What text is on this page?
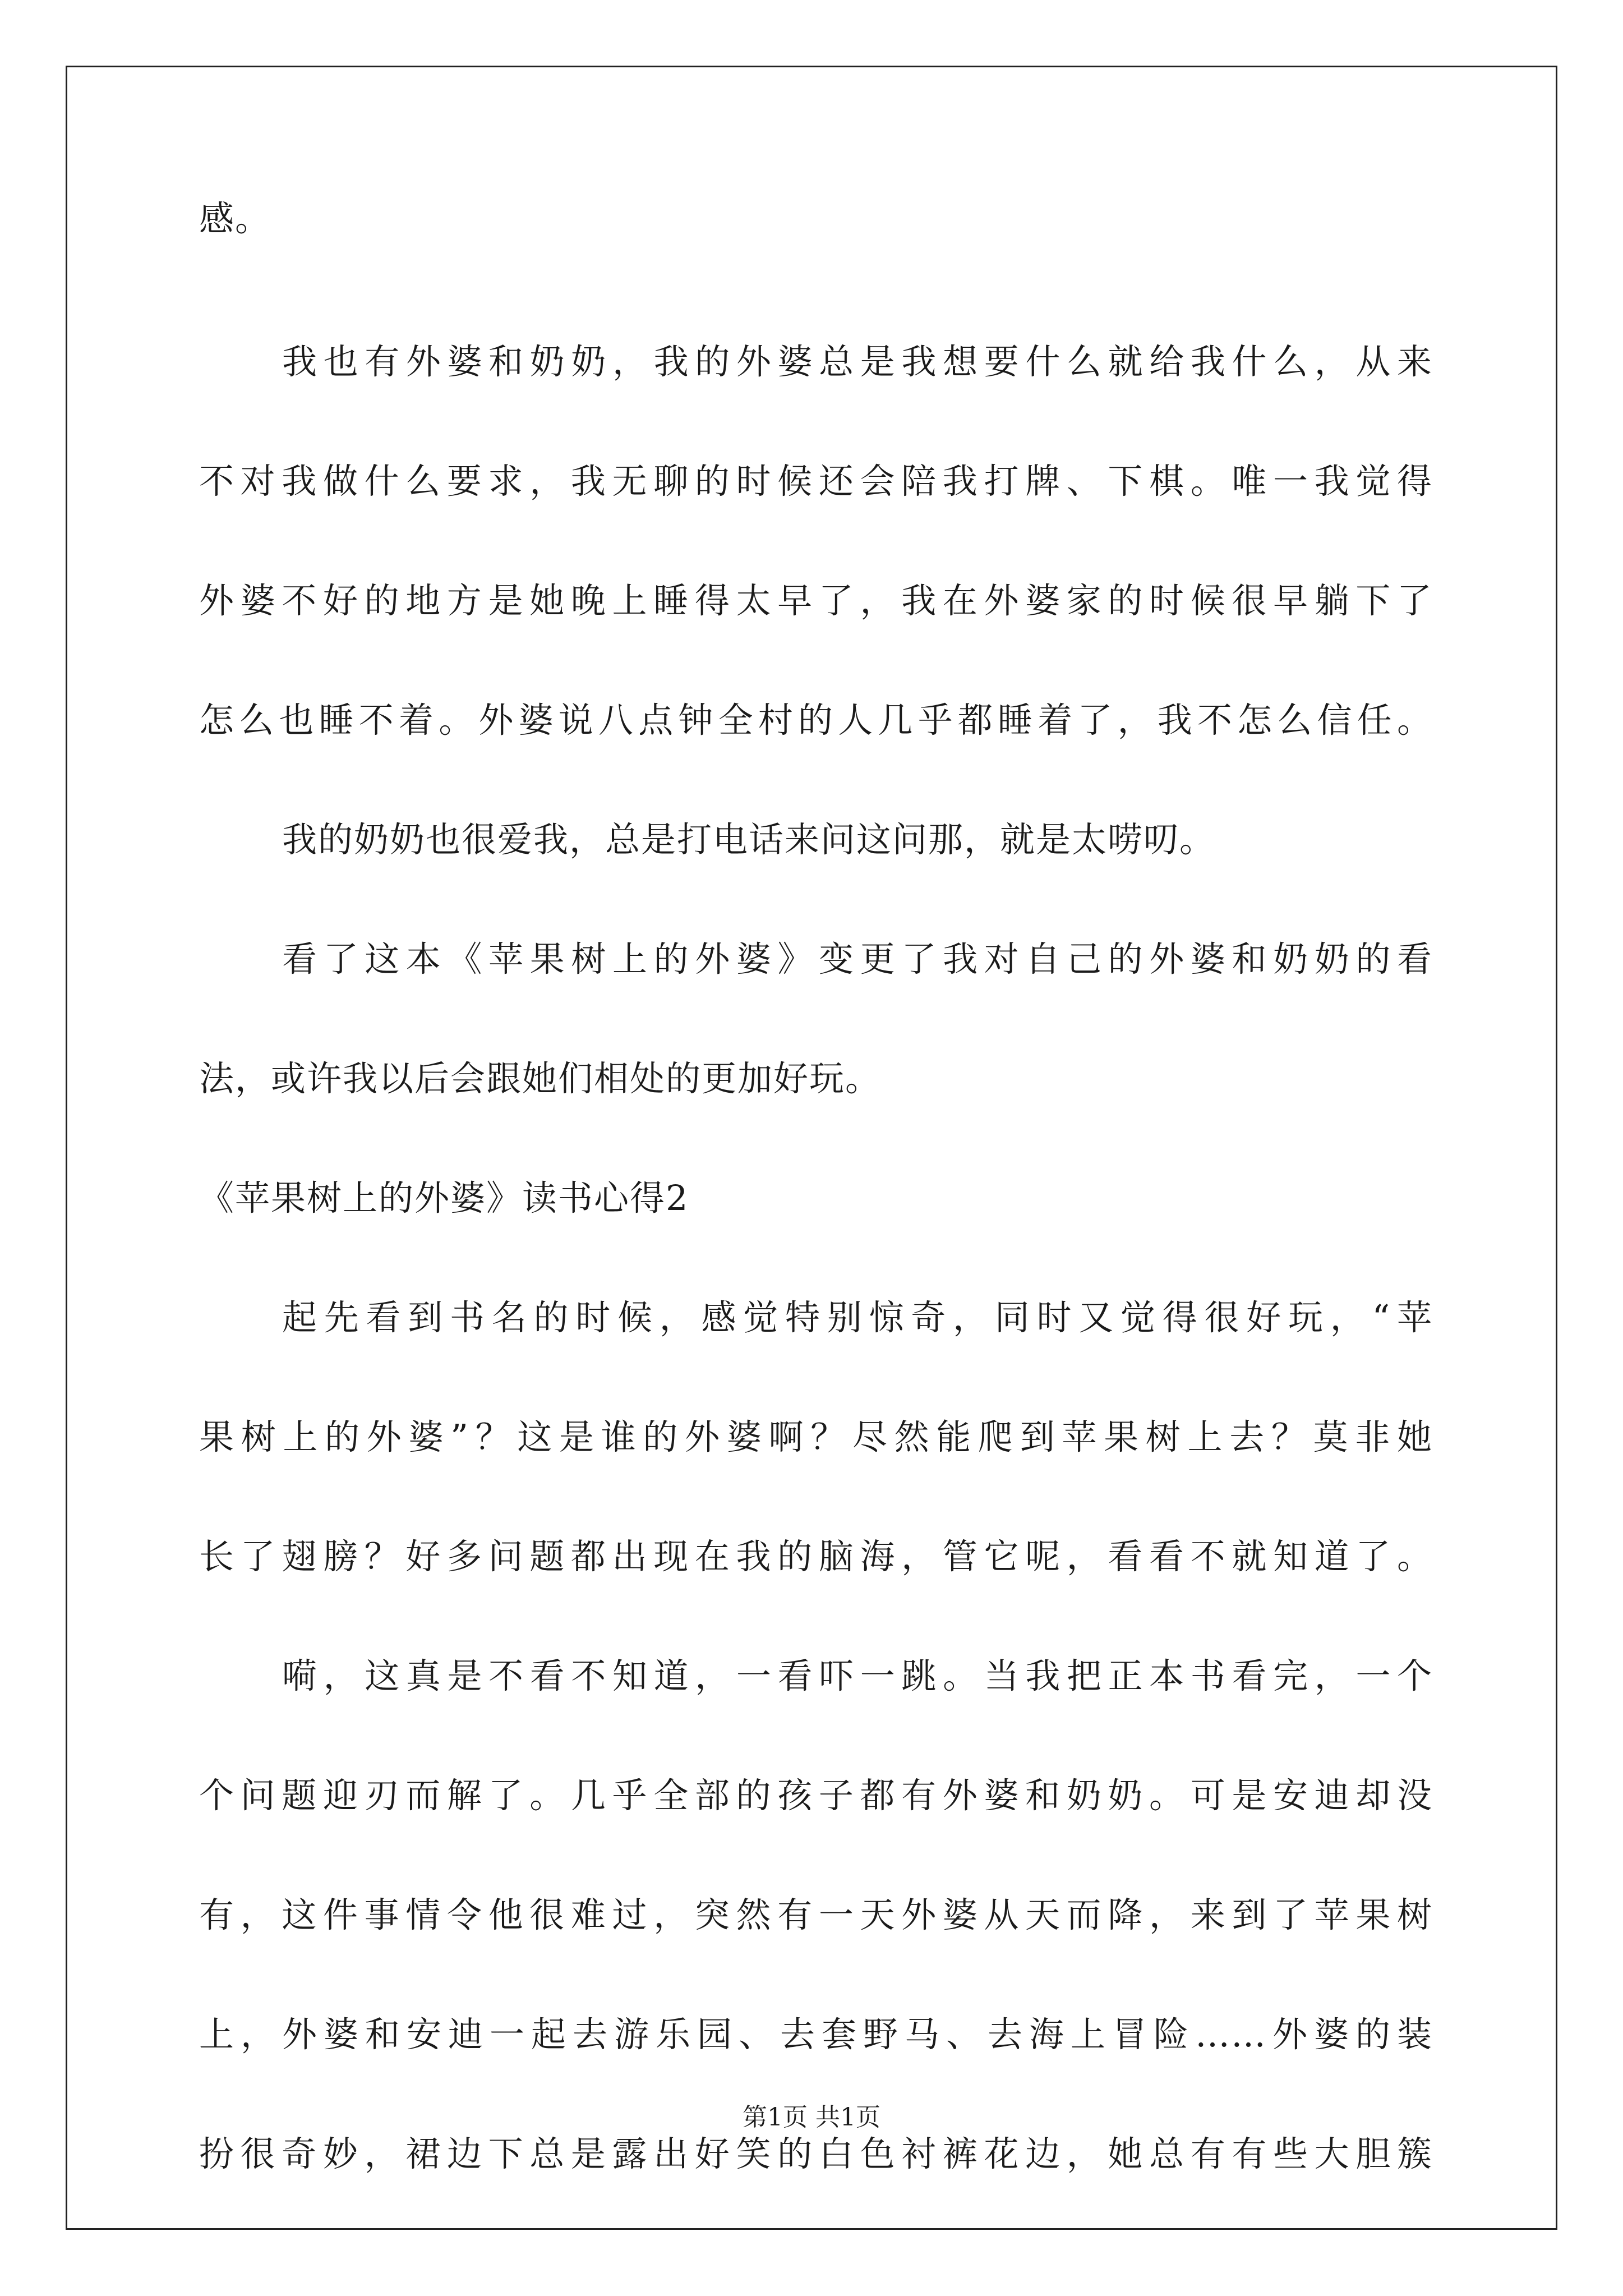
感。
我也有外婆和奶奶，我的外婆总是我想要什么就给我什么，从来
不对我做什么要求，我无聊的时候还会陪我打牌、下棋。唯一我觉得
外婆不好的地方是她晚上睡得太早了，我在外婆家的时候很早躺下了
怎么也睡不着。外婆说八点钟全村的人几乎都睡着了，我不怎么信任。
我的奶奶也很爱我，总是打电话来问这问那，就是太唠叨。
看了这本《苹果树上的外婆》变更了我对自己的外婆和奶奶的看
法，或许我以后会跟她们相处的更加好玩。
《苹果树上的外婆》读书心得2
起先看到书名的时候，感觉特别惊奇，同时又觉得很好玩，“苹
果树上的外婆”？这是谁的外婆啊？尽然能爬到苹果树上去？莫非她
长了翅膀？好多问题都出现在我的脑海，管它呢，看看不就知道了。
嗬，这真是不看不知道，一看吓一跳。当我把正本书看完，一个
个问题迎刃而解了。几乎全部的孩子都有外婆和奶奶。可是安迪却没
有，这件事情令他很难过，突然有一天外婆从天而降，来到了苹果树
上，外婆和安迪一起去游乐园、去套野马、去海上冒险……外婆的装
扮很奇妙，裙边下总是露出好笑的白色衬裤花边，她总有有些大胆簇
第1页 共1页
